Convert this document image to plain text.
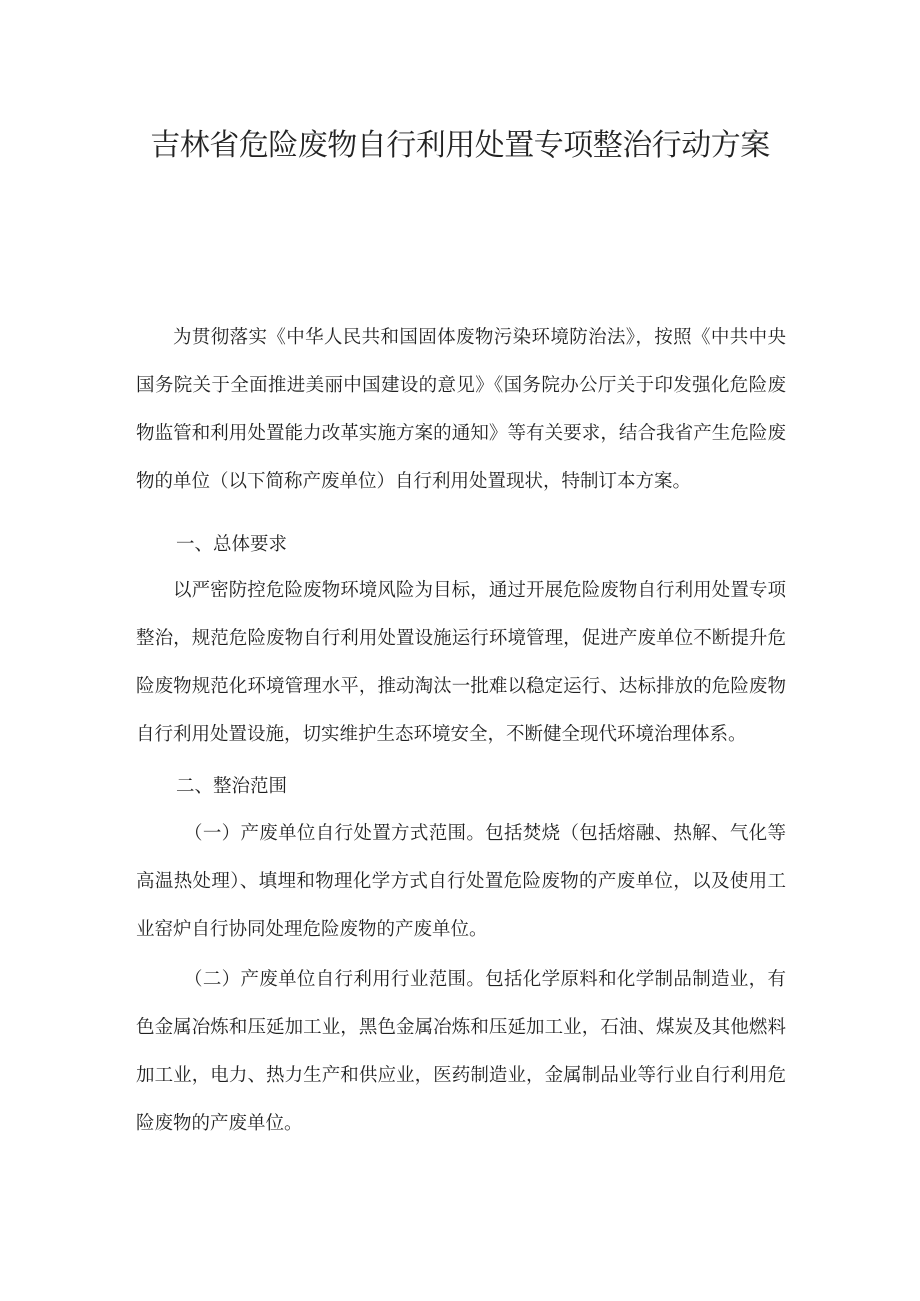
吉林省危险废物自行利用处置专项整治行动方案

为贯彻落实《中华人民共和国固体废物污染环境防治法》，按照《中共中央国务院关于全面推进美丽中国建设的意见》《国务院办公厅关于印发强化危险废物监管和利用处置能力改革实施方案的通知》等有关要求，结合我省产生危险废物的单位（以下简称产废单位）自行利用处置现状，特制订本方案。

一、总体要求

以严密防控危险废物环境风险为目标，通过开展危险废物自行利用处置专项整治，规范危险废物自行利用处置设施运行环境管理，促进产废单位不断提升危险废物规范化环境管理水平，推动淘汰一批难以稳定运行、达标排放的危险废物自行利用处置设施，切实维护生态环境安全，不断健全现代环境治理体系。

二、整治范围

（一）产废单位自行处置方式范围。包括焚烧（包括熔融、热解、气化等高温热处理）、填埋和物理化学方式自行处置危险废物的产废单位，以及使用工业窑炉自行协同处理危险废物的产废单位。

（二）产废单位自行利用行业范围。包括化学原料和化学制品制造业，有色金属冶炼和压延加工业，黑色金属冶炼和压延加工业，石油、煤炭及其他燃料加工业，电力、热力生产和供应业，医药制造业，金属制品业等行业自行利用危险废物的产废单位。
